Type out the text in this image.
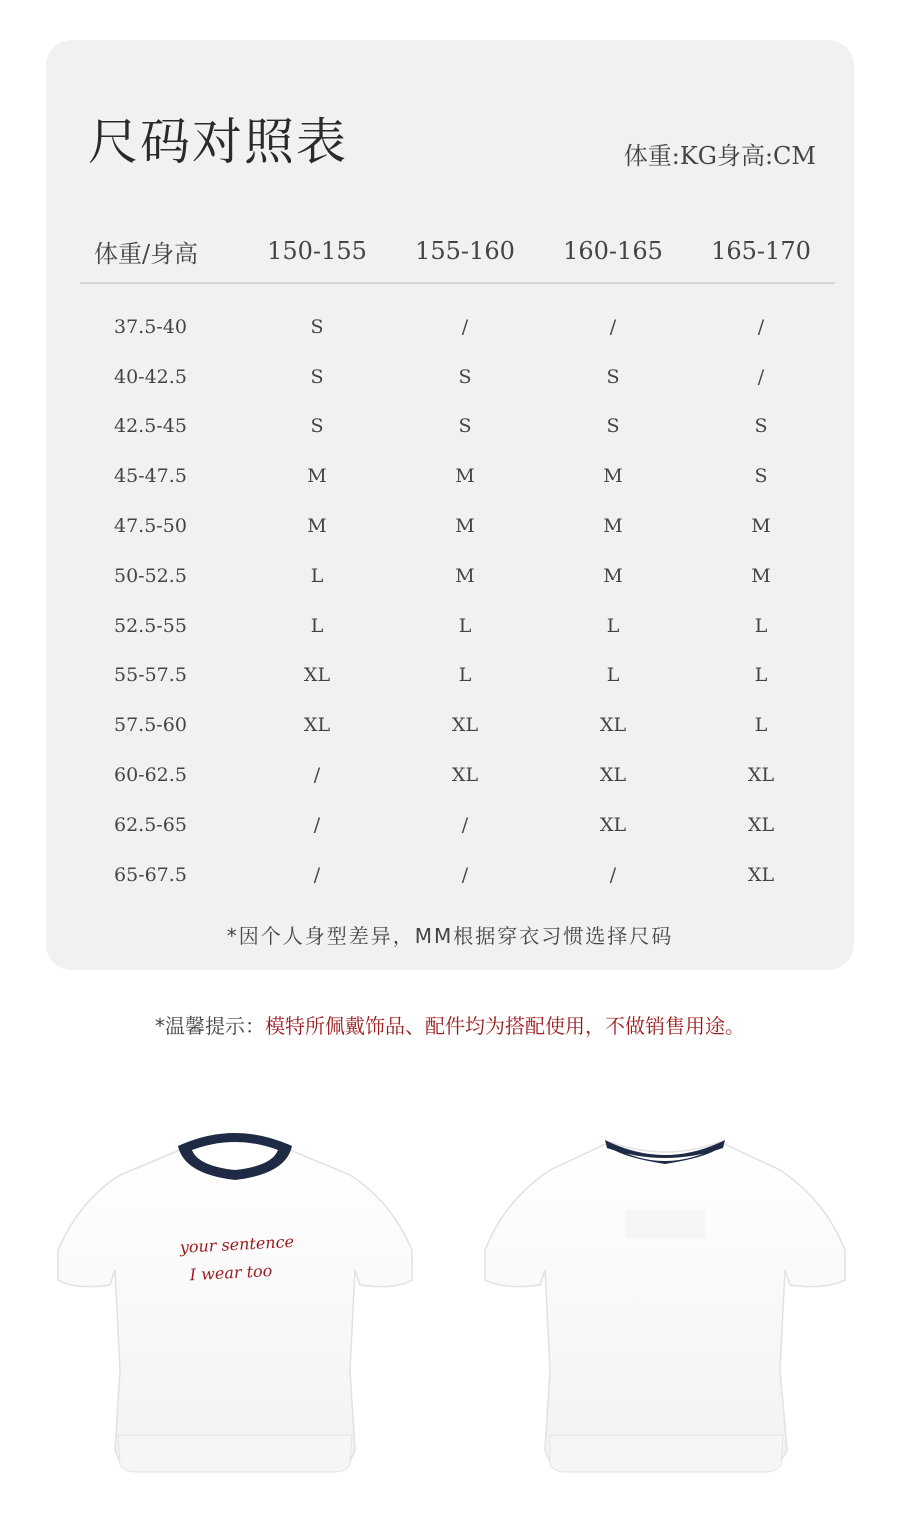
尺码对照表	体重:KG身高:CM
体重/身高	150-155	155-160	160-165	165-170
37.5-40	S	/	/	/
40-42.5	S	S	S	/
42.5-45	S	S	S	S
45-47.5	M	M	M	S
47.5-50	M	M	M	M
50-52.5	L	M	M	M
52.5-55	L	L	L	L
55-57.5	XL	L	L	L
57.5-60	XL	XL	XL	L
60-62.5	/	XL	XL	XL
62.5-65	/	/	XL	XL
65-67.5	/	/	/	XL
*因个人身型差异，MM根据穿衣习惯选择尺码
*温馨提示：模特所佩戴饰品、配件均为搭配使用，不做销售用途。
your sentence
I wear too
